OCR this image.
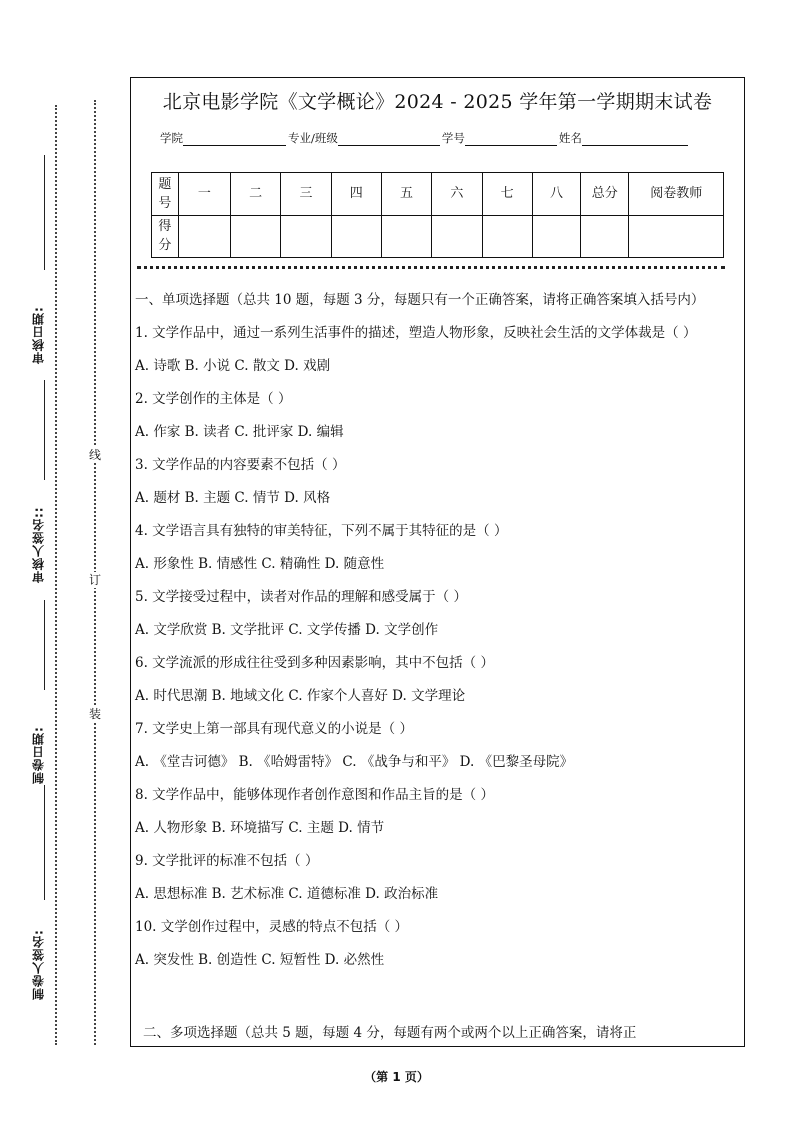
审核日期:
审核人签名::
制卷日期:
制卷人签名:
线
订
装
北京电影学院《文学概论》2024 - 2025 学年第一学期期末试卷
学院	专业/班级	学号	姓名
题号	一	二	三	四	五	六	七	八	总分	阅卷教师
得分										

一、单项选择题（总共 10 题，每题 3 分，每题只有一个正确答案，请将正确答案填入括号内）

1. 文学作品中，通过一系列生活事件的描述，塑造人物形象，反映社会生活的文学体裁是（ ）

A. 诗歌 B. 小说 C. 散文 D. 戏剧

2. 文学创作的主体是（ ）

A. 作家 B. 读者 C. 批评家 D. 编辑

3. 文学作品的内容要素不包括（ ）

A. 题材 B. 主题 C. 情节 D. 风格

4. 文学语言具有独特的审美特征，下列不属于其特征的是（ ）

A. 形象性 B. 情感性 C. 精确性 D. 随意性

5. 文学接受过程中，读者对作品的理解和感受属于（ ）

A. 文学欣赏 B. 文学批评 C. 文学传播 D. 文学创作

6. 文学流派的形成往往受到多种因素影响，其中不包括（ ）

A. 时代思潮 B. 地域文化 C. 作家个人喜好 D. 文学理论

7. 文学史上第一部具有现代意义的小说是（ ）

A. 《堂吉诃德》 B. 《哈姆雷特》 C. 《战争与和平》 D. 《巴黎圣母院》

8. 文学作品中，能够体现作者创作意图和作品主旨的是（ ）

A. 人物形象 B. 环境描写 C. 主题 D. 情节

9. 文学批评的标准不包括（ ）

A. 思想标准 B. 艺术标准 C. 道德标准 D. 政治标准

10. 文学创作过程中，灵感的特点不包括（ ）

A. 突发性 B. 创造性 C. 短暂性 D. 必然性

二、多项选择题（总共 5 题，每题 4 分，每题有两个或两个以上正确答案，请将正
（第 1 页）
